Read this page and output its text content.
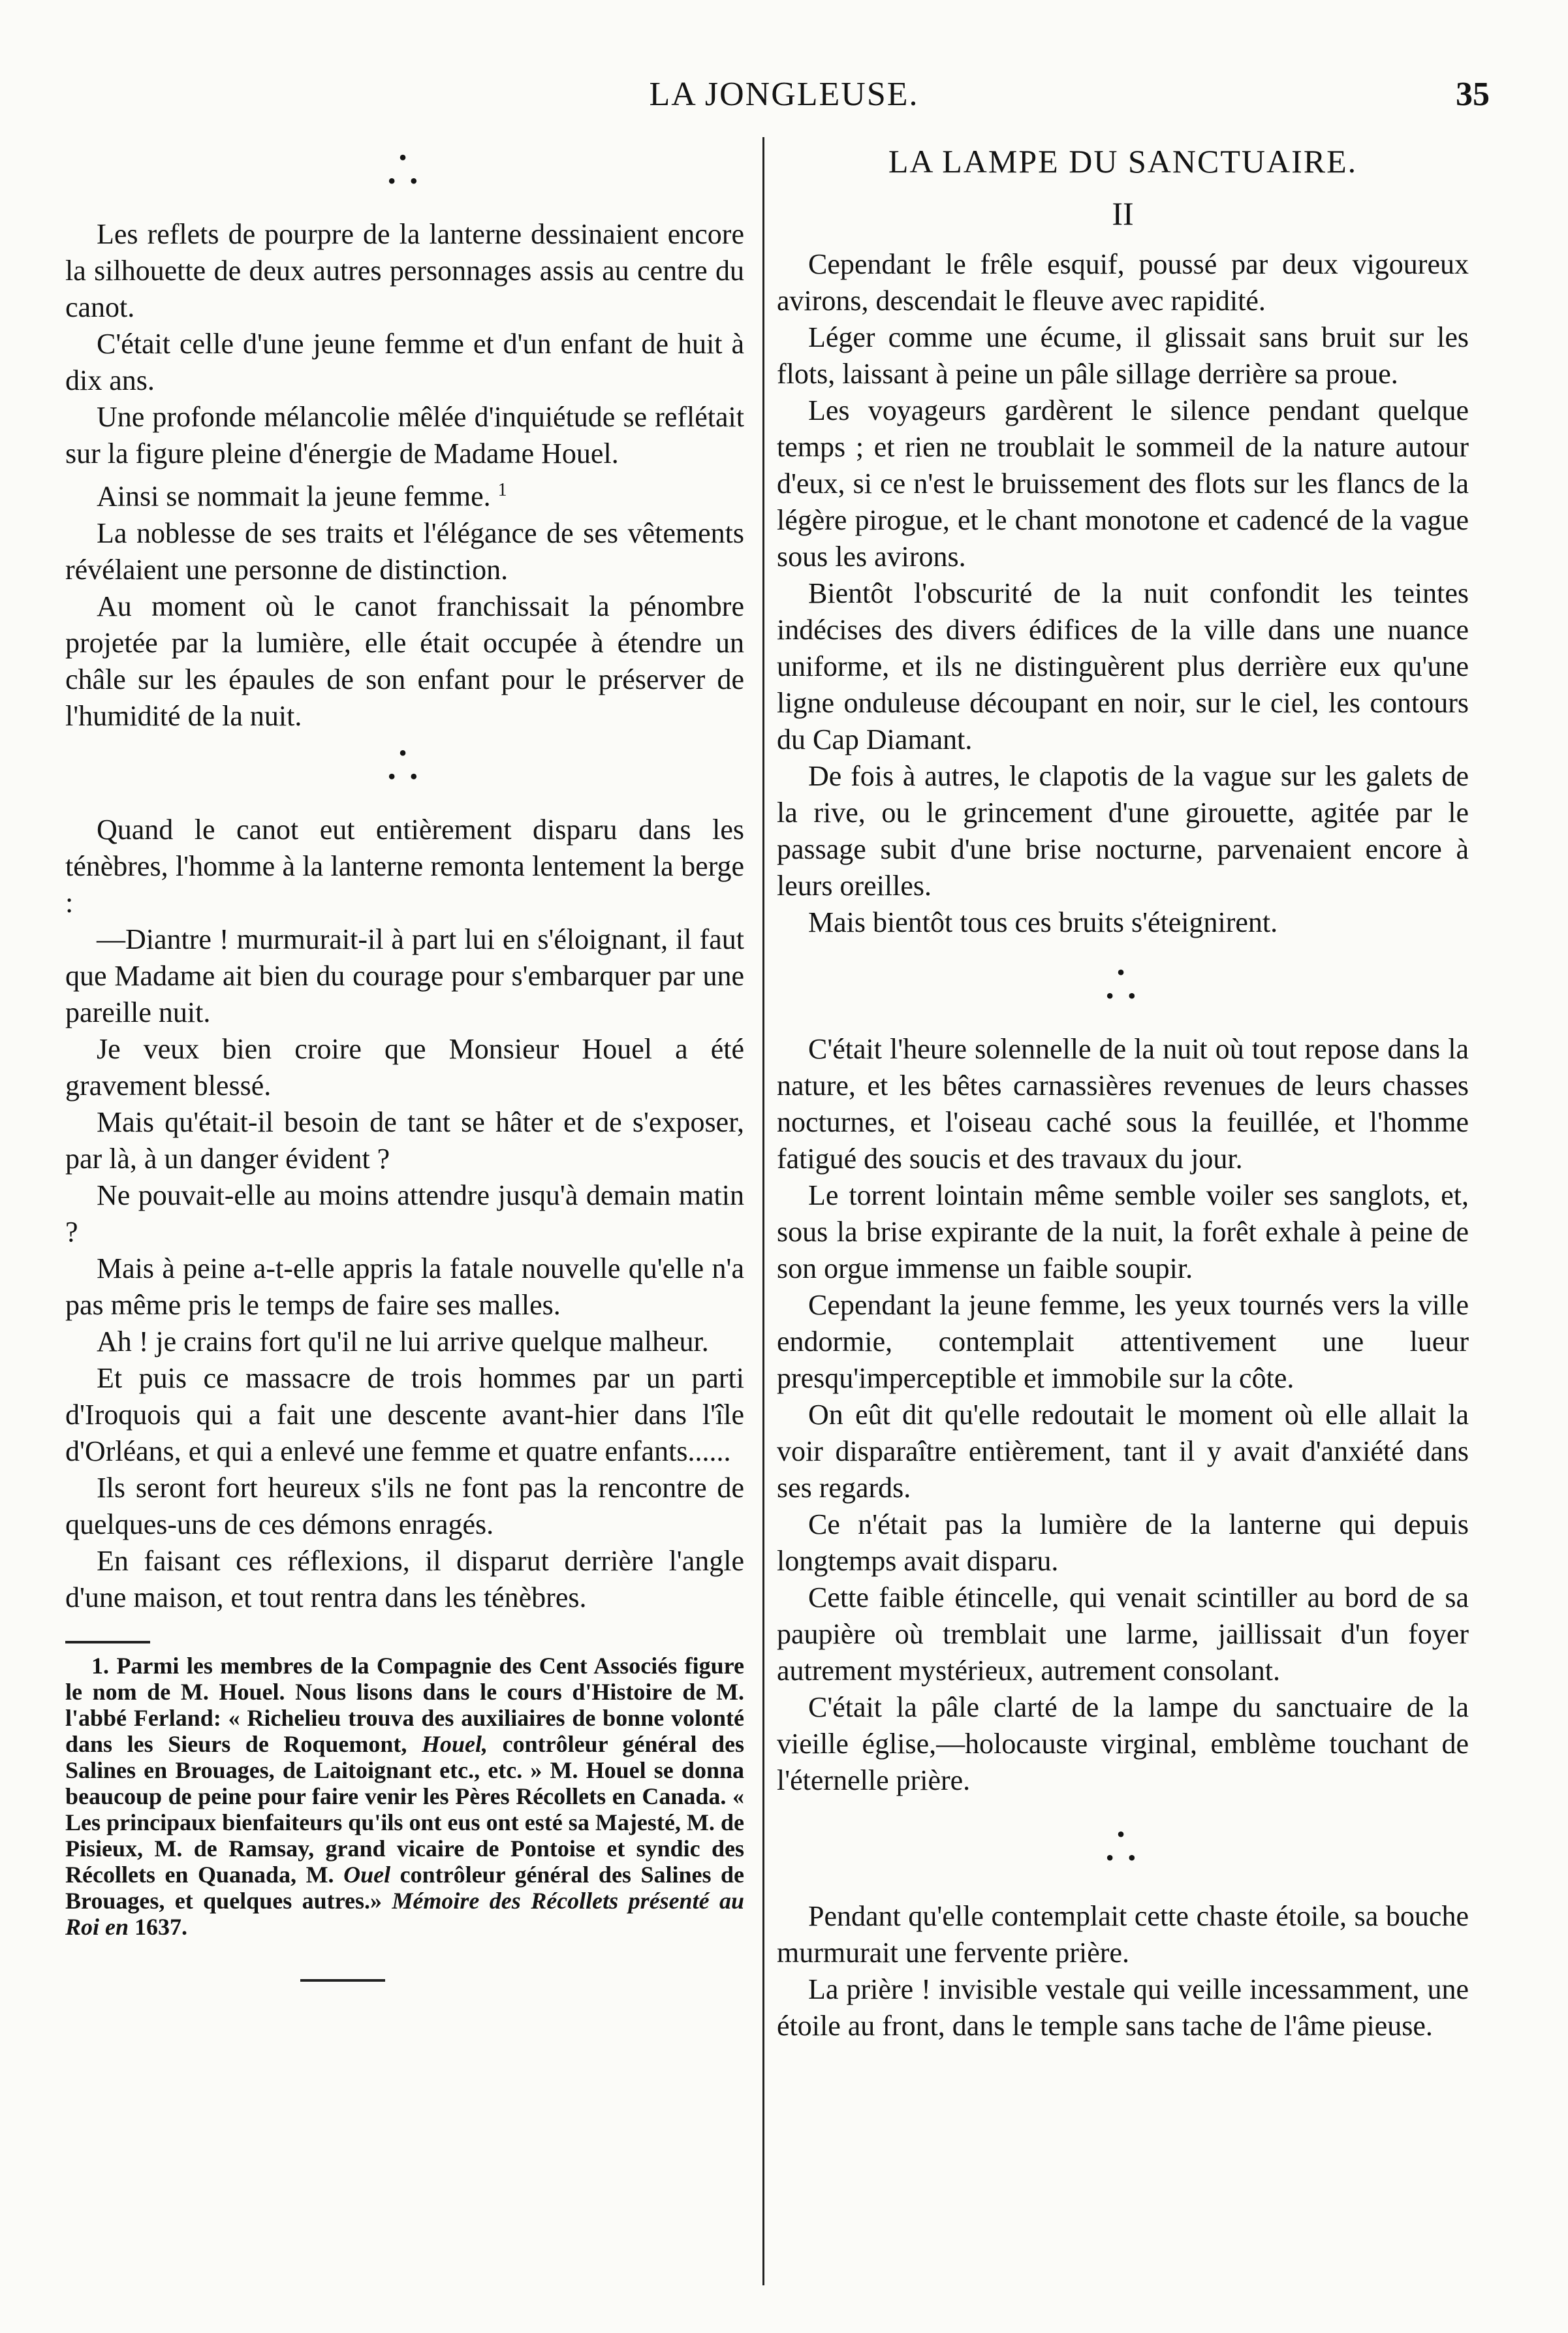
LA JONGLEUSE.	35
•
• •

Les reflets de pourpre de la lanterne dessinaient encore la silhouette de deux autres personnages assis au centre du canot.

C'était celle d'une jeune femme et d'un enfant de huit à dix ans.

Une profonde mélancolie mêlée d'inquiétude se reflétait sur la figure pleine d'énergie de Madame Houel.

Ainsi se nommait la jeune femme. $^1$

La noblesse de ses traits et l'élégance de ses vêtements révélaient une personne de distinction.

Au moment où le canot franchissait la pénombre projetée par la lumière, elle était occupée à étendre un châle sur les épaules de son enfant pour le préserver de l'humidité de la nuit.

•
• •

Quand le canot eut entièrement disparu dans les ténèbres, l'homme à la lanterne remonta lentement la berge :

—Diantre ! murmurait-il à part lui en s'éloignant, il faut que Madame ait bien du courage pour s'embarquer par une pareille nuit.

Je veux bien croire que Monsieur Houel a été gravement blessé.

Mais qu'était-il besoin de tant se hâter et de s'exposer, par là, à un danger évident ?

Ne pouvait-elle au moins attendre jusqu'à demain matin ?

Mais à peine a-t-elle appris la fatale nouvelle qu'elle n'a pas même pris le temps de faire ses malles.

Ah ! je crains fort qu'il ne lui arrive quelque malheur.

Et puis ce massacre de trois hommes par un parti d'Iroquois qui a fait une descente avant-hier dans l'île d'Orléans, et qui a enlevé une femme et quatre enfants......

Ils seront fort heureux s'ils ne font pas la rencontre de quelques-uns de ces démons enragés.

En faisant ces réflexions, il disparut derrière l'angle d'une maison, et tout rentra dans les ténèbres.

1. Parmi les membres de la Compagnie des Cent Associés figure le nom de M. Houel. Nous lisons dans le cours d'Histoire de M. l'abbé Ferland: « Richelieu trouva des auxiliaires de bonne volonté dans les Sieurs de Roquemont, Houel, contrôleur général des Salines en Brouages, de Laitoignant etc., etc. » M. Houel se donna beaucoup de peine pour faire venir les Pères Récollets en Canada. « Les principaux bienfaiteurs qu'ils ont eus ont esté sa Majesté, M. de Pisieux, M. de Ramsay, grand vicaire de Pontoise et syndic des Récollets en Quanada, M. Ouel contrôleur général des Salines de Brouages, et quelques autres.» Mémoire des Récollets présenté au Roi en 1637.

LA LAMPE DU SANCTUAIRE.
II

Cependant le frêle esquif, poussé par deux vigoureux avirons, descendait le fleuve avec rapidité.

Léger comme une écume, il glissait sans bruit sur les flots, laissant à peine un pâle sillage derrière sa proue.

Les voyageurs gardèrent le silence pendant quelque temps ; et rien ne troublait le sommeil de la nature autour d'eux, si ce n'est le bruissement des flots sur les flancs de la légère pirogue, et le chant monotone et cadencé de la vague sous les avirons.

Bientôt l'obscurité de la nuit confondit les teintes indécises des divers édifices de la ville dans une nuance uniforme, et ils ne distinguèrent plus derrière eux qu'une ligne onduleuse découpant en noir, sur le ciel, les contours du Cap Diamant.

De fois à autres, le clapotis de la vague sur les galets de la rive, ou le grincement d'une girouette, agitée par le passage subit d'une brise nocturne, parvenaient encore à leurs oreilles.

Mais bientôt tous ces bruits s'éteignirent.

•
• •

C'était l'heure solennelle de la nuit où tout repose dans la nature, et les bêtes carnassières revenues de leurs chasses nocturnes, et l'oiseau caché sous la feuillée, et l'homme fatigué des soucis et des travaux du jour.

Le torrent lointain même semble voiler ses sanglots, et, sous la brise expirante de la nuit, la forêt exhale à peine de son orgue immense un faible soupir.

Cependant la jeune femme, les yeux tournés vers la ville endormie, contemplait attentivement une lueur presqu'imperceptible et immobile sur la côte.

On eût dit qu'elle redoutait le moment où elle allait la voir disparaître entièrement, tant il y avait d'anxiété dans ses regards.

Ce n'était pas la lumière de la lanterne qui depuis longtemps avait disparu.

Cette faible étincelle, qui venait scintiller au bord de sa paupière où tremblait une larme, jaillissait d'un foyer autrement mystérieux, autrement consolant.

C'était la pâle clarté de la lampe du sanctuaire de la vieille église,—holocauste virginal, emblème touchant de l'éternelle prière.

•
• •

Pendant qu'elle contemplait cette chaste étoile, sa bouche murmurait une fervente prière.

La prière ! invisible vestale qui veille incessamment, une étoile au front, dans le temple sans tache de l'âme pieuse.
